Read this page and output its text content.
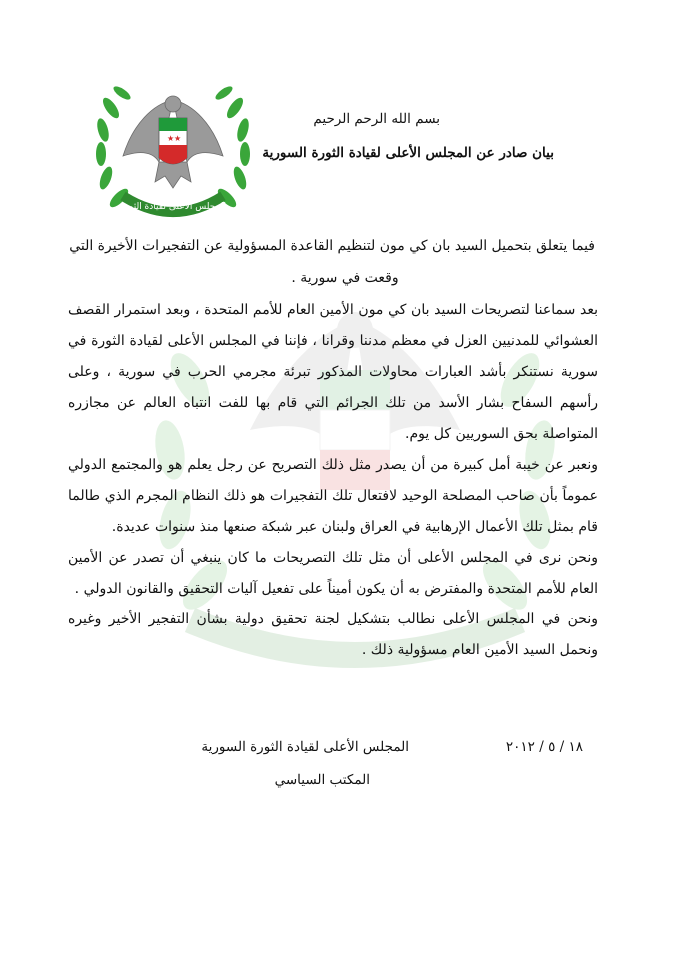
★ ★
المجلس الأعلى لقيادة الثورة
بسم الله الرحم الرحيم
بيان صادر عن المجلس الأعلى لقيادة الثورة السورية
فيما يتعلق بتحميل السيد بان كي مون لتنظيم القاعدة المسؤولية عن التفجيرات الأخيرة التي
وقعت في سورية .
بعد سماعنا لتصريحات السيد بان كي مون الأمين العام للأمم المتحدة ، وبعد استمرار القصف العشوائي للمدنيين العزل في معظم مدننا وقرانا ، فإننا في المجلس الأعلى لقيادة الثورة في سورية نستنكر بأشد العبارات محاولات المذكور تبرئة مجرمي الحرب في سورية ، وعلى رأسهم السفاح بشار الأسد من تلك الجرائم التي قام بها للفت انتباه العالم عن مجازره المتواصلة بحق السوريين كل يوم.
ونعبر عن خيبة أمل كبيرة من أن يصدر مثل ذلك التصريح عن رجل يعلم هو والمجتمع الدولي عموماً بأن صاحب المصلحة الوحيد لافتعال تلك التفجيرات هو ذلك النظام المجرم الذي طالما قام بمثل تلك الأعمال الإرهابية في العراق ولبنان عبر شبكة صنعها منذ سنوات عديدة.
ونحن نرى في المجلس الأعلى أن مثل تلك التصريحات ما كان ينبغي أن تصدر عن الأمين العام للأمم المتحدة والمفترض به أن يكون أميناً على تفعيل آليات التحقيق والقانون الدولي .
ونحن في المجلس الأعلى نطالب بتشكيل لجنة تحقيق دولية بشأن التفجير الأخير وغيره ونحمل السيد الأمين العام مسؤولية ذلك .
المجلس الأعلى لقيادة الثورة السورية
المكتب السياسي
١٨ / ٥ / ٢٠١٢
